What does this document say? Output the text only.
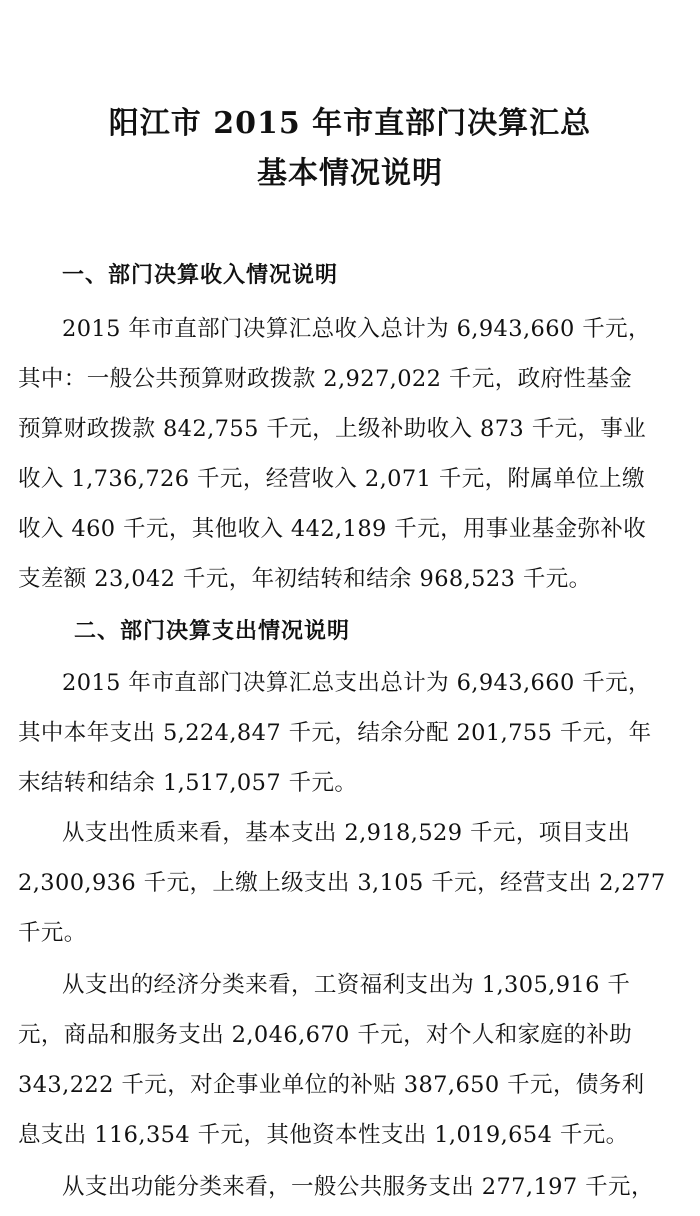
阳江市 2015 年市直部门决算汇总
基本情况说明
一、部门决算收入情况说明
2015 年市直部门决算汇总收入总计为 6,943,660 千元，
其中：一般公共预算财政拨款 2,927,022 千元，政府性基金
预算财政拨款 842,755 千元，上级补助收入 873 千元，事业
收入 1,736,726 千元，经营收入 2,071 千元，附属单位上缴
收入 460 千元，其他收入 442,189 千元，用事业基金弥补收
支差额 23,042 千元，年初结转和结余 968,523 千元。
二、部门决算支出情况说明
2015 年市直部门决算汇总支出总计为 6,943,660 千元，
其中本年支出 5,224,847 千元，结余分配 201,755 千元，年
末结转和结余 1,517,057 千元。
从支出性质来看，基本支出 2,918,529 千元，项目支出
2,300,936 千元，上缴上级支出 3,105 千元，经营支出 2,277
千元。
从支出的经济分类来看，工资福利支出为 1,305,916 千
元，商品和服务支出 2,046,670 千元，对个人和家庭的补助
343,222 千元，对企事业单位的补贴 387,650 千元，债务利
息支出 116,354 千元，其他资本性支出 1,019,654 千元。
从支出功能分类来看，一般公共服务支出 277,197 千元，
